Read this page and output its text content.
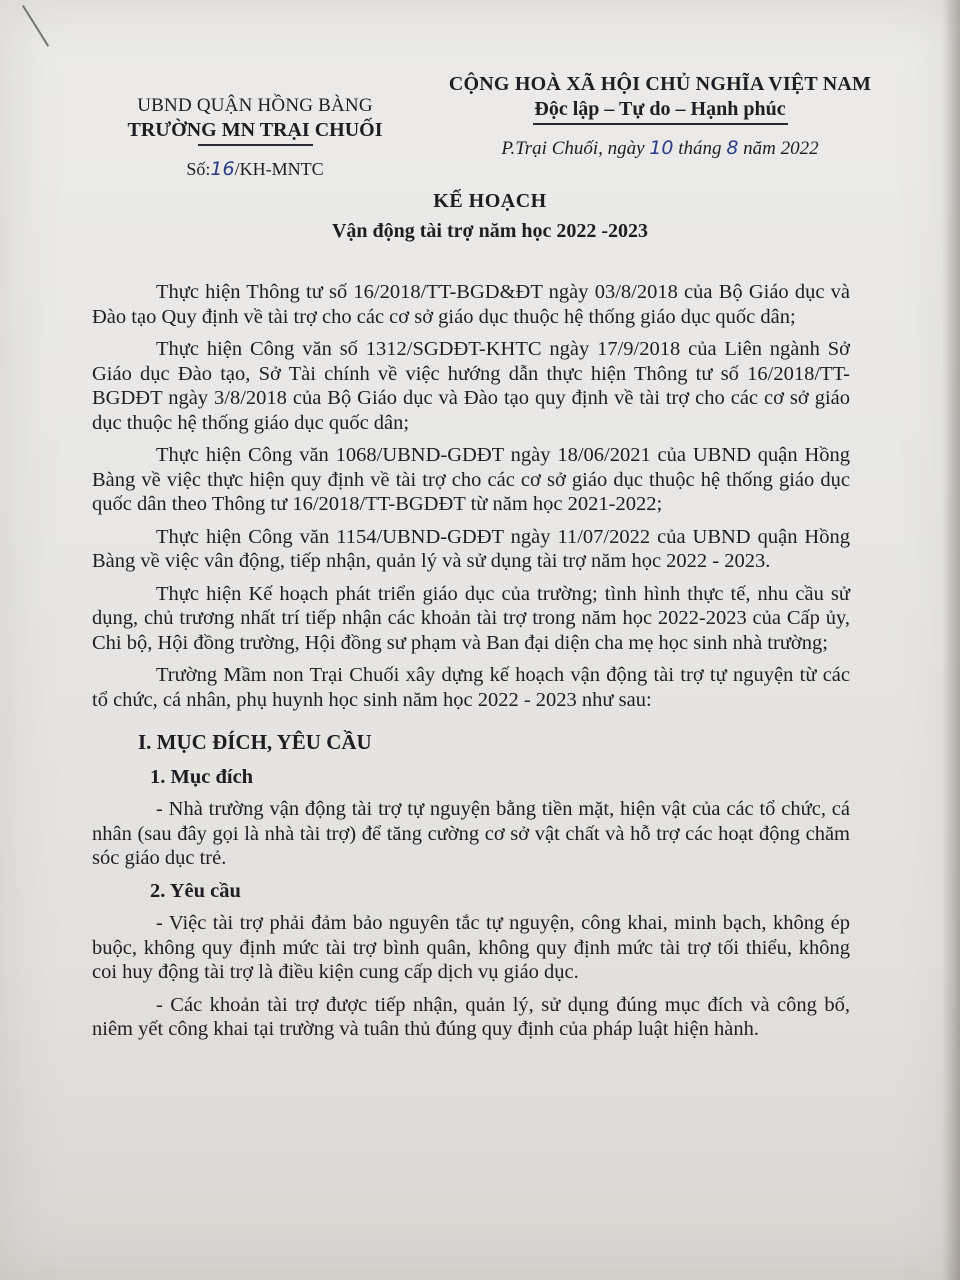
UBND QUẬN HỒNG BÀNG
TRƯỜNG MN TRẠI CHUỐI
Số:16/KH-MNTC
CỘNG HOÀ XÃ HỘI CHỦ NGHĨA VIỆT NAM
Độc lập – Tự do – Hạnh phúc
P.Trại Chuối, ngày 10 tháng 8 năm 2022
KẾ HOẠCH
Vận động tài trợ năm học 2022 -2023

Thực hiện Thông tư số 16/2018/TT-BGD&ĐT ngày 03/8/2018 của Bộ Giáo dục và Đào tạo Quy định về tài trợ cho các cơ sở giáo dục thuộc hệ thống giáo dục quốc dân;

Thực hiện Công văn số 1312/SGDĐT-KHTC ngày 17/9/2018 của Liên ngành Sở Giáo dục Đào tạo, Sở Tài chính về việc hướng dẫn thực hiện Thông tư số 16/2018/TT-BGDĐT ngày 3/8/2018 của Bộ Giáo dục và Đào tạo quy định về tài trợ cho các cơ sở giáo dục thuộc hệ thống giáo dục quốc dân;

Thực hiện Công văn 1068/UBND-GDĐT ngày 18/06/2021 của UBND quận Hồng Bàng về việc thực hiện quy định về tài trợ cho các cơ sở giáo dục thuộc hệ thống giáo dục quốc dân theo Thông tư 16/2018/TT-BGDĐT từ năm học 2021-2022;

Thực hiện Công văn 1154/UBND-GDĐT ngày 11/07/2022 của UBND quận Hồng Bàng về việc vân động, tiếp nhận, quản lý và sử dụng tài trợ năm học 2022 - 2023.

Thực hiện Kế hoạch phát triển giáo dục của trường; tình hình thực tế, nhu cầu sử dụng, chủ trương nhất trí tiếp nhận các khoản tài trợ trong năm học 2022-2023 của Cấp ủy, Chi bộ, Hội đồng trường, Hội đồng sư phạm và Ban đại diện cha mẹ học sinh nhà trường;

Trường Mầm non Trại Chuối xây dựng kế hoạch vận động tài trợ tự nguyện từ các tổ chức, cá nhân, phụ huynh học sinh năm học 2022 - 2023 như sau:

I. MỤC ĐÍCH, YÊU CẦU
1. Mục đích

- Nhà trường vận động tài trợ tự nguyện bằng tiền mặt, hiện vật của các tổ chức, cá nhân (sau đây gọi là nhà tài trợ) để tăng cường cơ sở vật chất và hỗ trợ các hoạt động chăm sóc giáo dục trẻ.

2. Yêu cầu

- Việc tài trợ phải đảm bảo nguyên tắc tự nguyện, công khai, minh bạch, không ép buộc, không quy định mức tài trợ bình quân, không quy định mức tài trợ tối thiểu, không coi huy động tài trợ là điều kiện cung cấp dịch vụ giáo dục.

- Các khoản tài trợ được tiếp nhận, quản lý, sử dụng đúng mục đích và công bố, niêm yết công khai tại trường và tuân thủ đúng quy định của pháp luật hiện hành.
